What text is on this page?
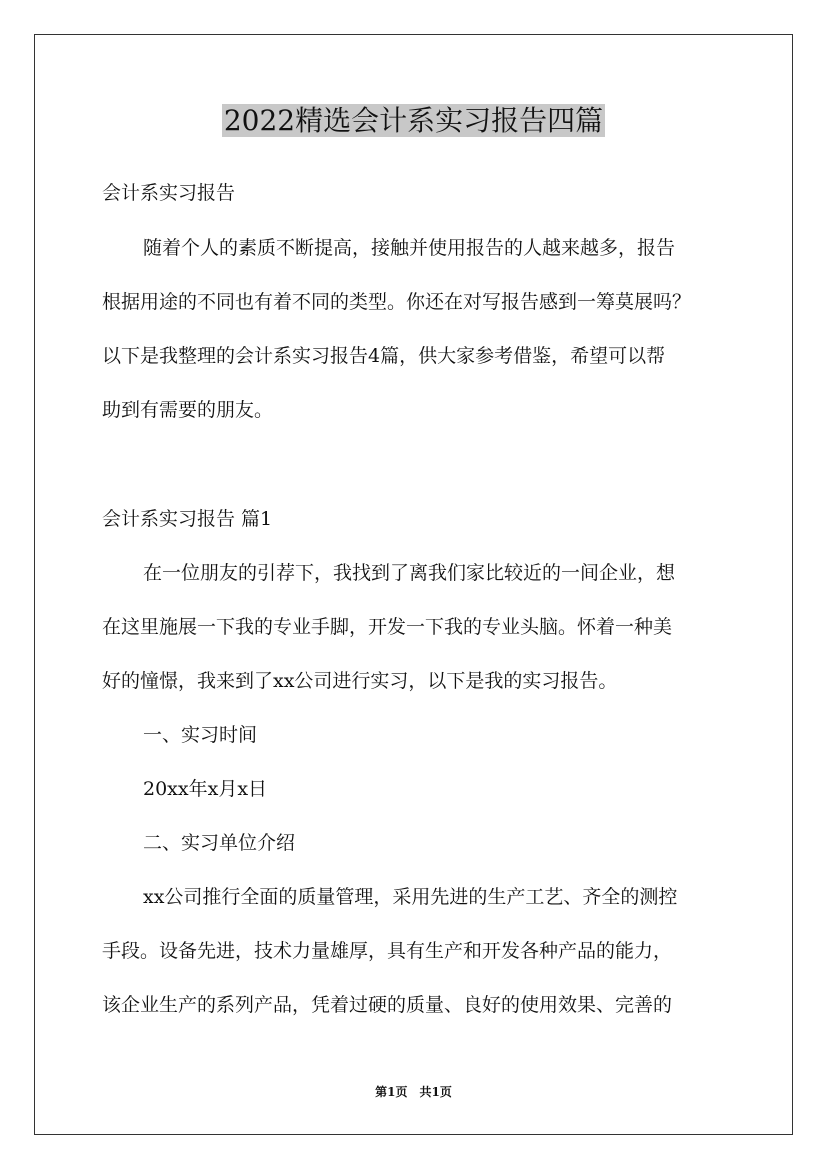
2022精选会计系实习报告四篇
会计系实习报告
随着个人的素质不断提高，接触并使用报告的人越来越多，报告
根据用途的不同也有着不同的类型。你还在对写报告感到一筹莫展吗？
以下是我整理的会计系实习报告4篇，供大家参考借鉴，希望可以帮
助到有需要的朋友。
会计系实习报告 篇1
在一位朋友的引荐下，我找到了离我们家比较近的一间企业，想
在这里施展一下我的专业手脚，开发一下我的专业头脑。怀着一种美
好的憧憬，我来到了xx公司进行实习，以下是我的实习报告。
一、实习时间
20xx年x月x日
二、实习单位介绍
xx公司推行全面的质量管理，采用先进的生产工艺、齐全的测控
手段。设备先进，技术力量雄厚，具有生产和开发各种产品的能力，
该企业生产的系列产品，凭着过硬的质量、良好的使用效果、完善的
第1页　共1页
